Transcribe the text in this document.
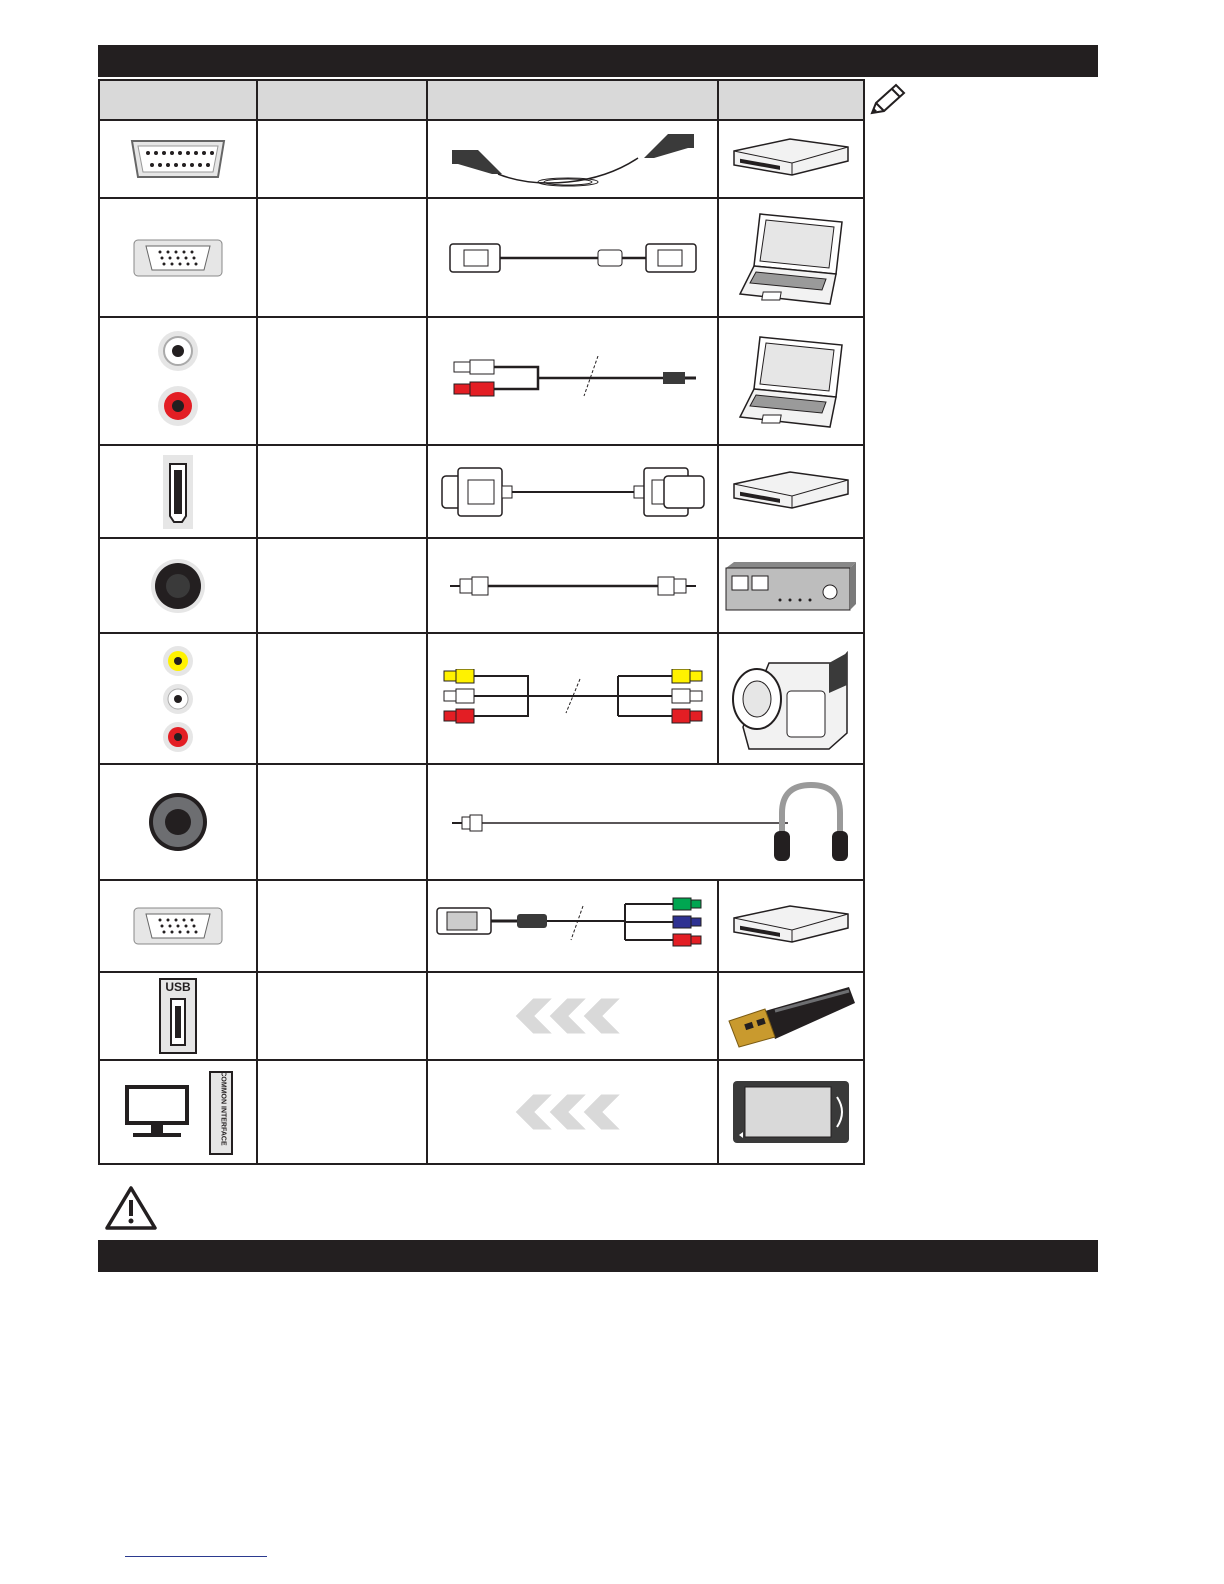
USB

COMMON INTERFACE
